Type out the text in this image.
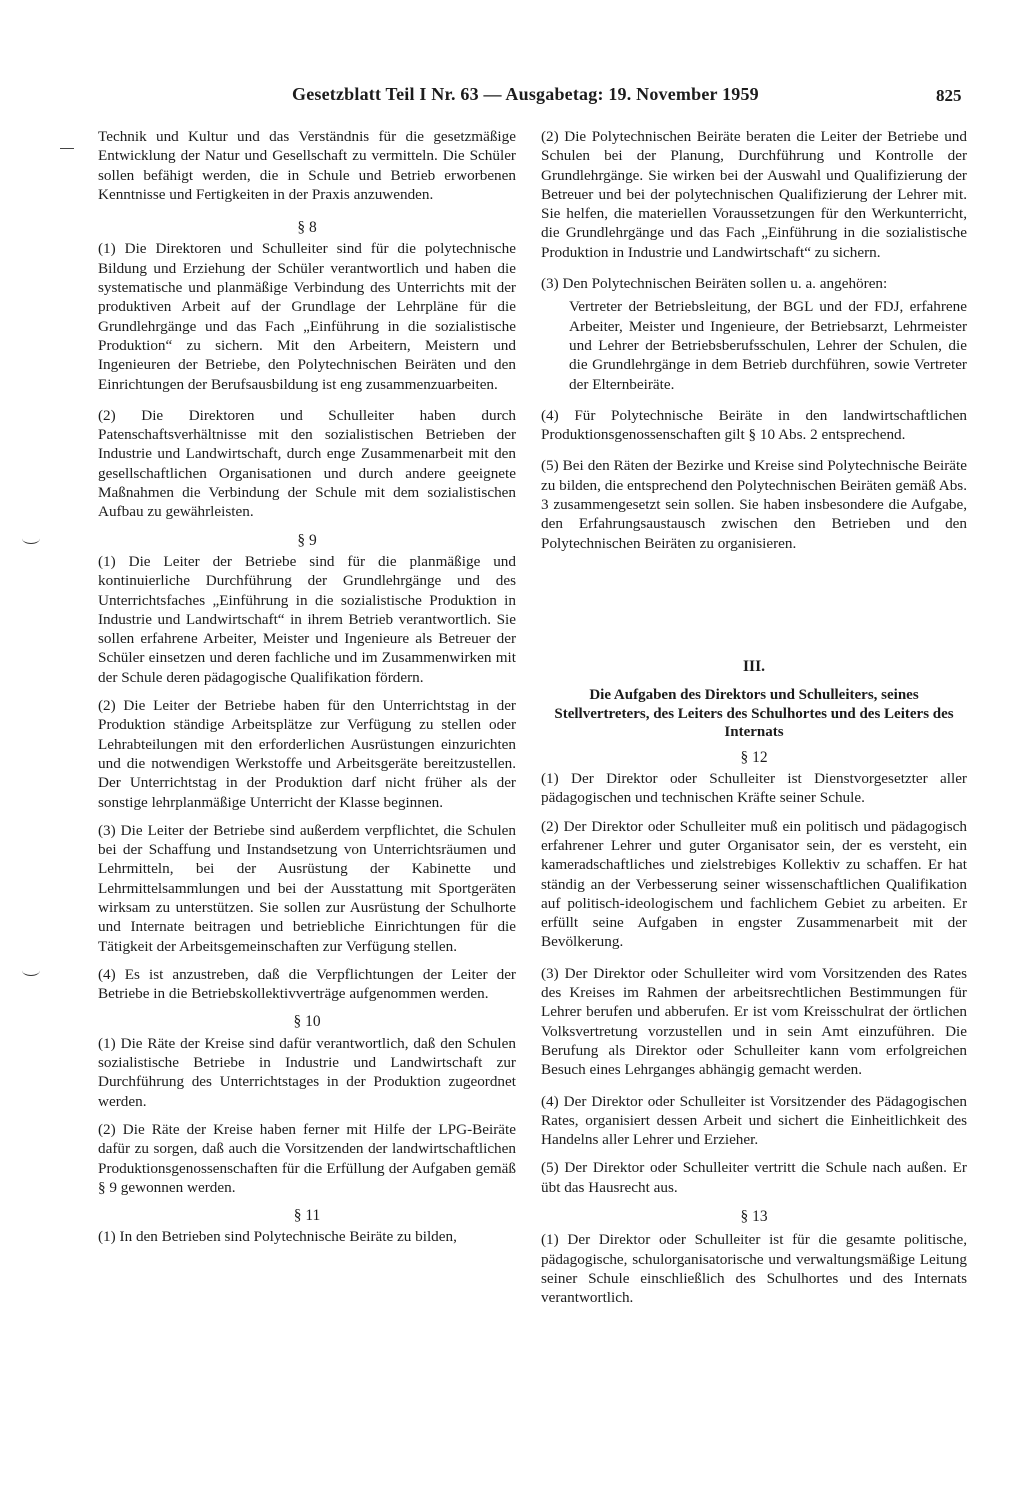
Gesetzblatt Teil I Nr. 63 — Ausgabetag: 19. November 1959	825

Technik und Kultur und das Verständnis für die gesetzmäßige Entwicklung der Natur und Gesellschaft zu vermitteln. Die Schüler sollen befähigt werden, die in Schule und Betrieb erworbenen Kenntnisse und Fertigkeiten in der Praxis anzuwenden.

§ 8

(1) Die Direktoren und Schulleiter sind für die polytechnische Bildung und Erziehung der Schüler verantwortlich und haben die systematische und planmäßige Verbindung des Unterrichts mit der produktiven Arbeit auf der Grundlage der Lehrpläne für die Grundlehrgänge und das Fach „Einführung in die sozialistische Produktion“ zu sichern. Mit den Arbeitern, Meistern und Ingenieuren der Betriebe, den Polytechnischen Beiräten und den Einrichtungen der Berufsausbildung ist eng zusammenzuarbeiten.

(2) Die Direktoren und Schulleiter haben durch Patenschaftsverhältnisse mit den sozialistischen Betrieben der Industrie und Landwirtschaft, durch enge Zusammenarbeit mit den gesellschaftlichen Organisationen und durch andere geeignete Maßnahmen die Verbindung der Schule mit dem sozialistischen Aufbau zu gewährleisten.

§ 9

(1) Die Leiter der Betriebe sind für die planmäßige und kontinuierliche Durchführung der Grundlehrgänge und des Unterrichtsfaches „Einführung in die sozialistische Produktion in Industrie und Landwirtschaft“ in ihrem Betrieb verantwortlich. Sie sollen erfahrene Arbeiter, Meister und Ingenieure als Betreuer der Schüler einsetzen und deren fachliche und im Zusammenwirken mit der Schule deren pädagogische Qualifikation fördern.

(2) Die Leiter der Betriebe haben für den Unterrichtstag in der Produktion ständige Arbeitsplätze zur Verfügung zu stellen oder Lehrabteilungen mit den erforderlichen Ausrüstungen einzurichten und die notwendigen Werkstoffe und Arbeitsgeräte bereitzustellen. Der Unterrichtstag in der Produktion darf nicht früher als der sonstige lehrplanmäßige Unterricht der Klasse beginnen.

(3) Die Leiter der Betriebe sind außerdem verpflichtet, die Schulen bei der Schaffung und Instandsetzung von Unterrichtsräumen und Lehrmitteln, bei der Ausrüstung der Kabinette und Lehrmittelsammlungen und bei der Ausstattung mit Sportgeräten wirksam zu unterstützen. Sie sollen zur Ausrüstung der Schulhorte und Internate beitragen und betriebliche Einrichtungen für die Tätigkeit der Arbeitsgemeinschaften zur Verfügung stellen.

(4) Es ist anzustreben, daß die Verpflichtungen der Leiter der Betriebe in die Betriebskollektivverträge aufgenommen werden.

§ 10

(1) Die Räte der Kreise sind dafür verantwortlich, daß den Schulen sozialistische Betriebe in Industrie und Landwirtschaft zur Durchführung des Unterrichtstages in der Produktion zugeordnet werden.

(2) Die Räte der Kreise haben ferner mit Hilfe der LPG-Beiräte dafür zu sorgen, daß auch die Vorsitzenden der landwirtschaftlichen Produktionsgenossenschaften für die Erfüllung der Aufgaben gemäß § 9 gewonnen werden.

§ 11

(1) In den Betrieben sind Polytechnische Beiräte zu bilden,

(2) Die Polytechnischen Beiräte beraten die Leiter der Betriebe und Schulen bei der Planung, Durchführung und Kontrolle der Grundlehrgänge. Sie wirken bei der Auswahl und Qualifizierung der Betreuer und bei der polytechnischen Qualifizierung der Lehrer mit. Sie helfen, die materiellen Voraussetzungen für den Werkunterricht, die Grundlehrgänge und das Fach „Einführung in die sozialistische Produktion in Industrie und Landwirtschaft“ zu sichern.

(3) Den Polytechnischen Beiräten sollen u. a. angehören:

Vertreter der Betriebsleitung, der BGL und der FDJ, erfahrene Arbeiter, Meister und Ingenieure, der Betriebsarzt, Lehrmeister und Lehrer der Betriebsberufsschulen, Lehrer der Schulen, die die Grundlehrgänge in dem Betrieb durchführen, sowie Vertreter der Elternbeiräte.

(4) Für Polytechnische Beiräte in den landwirtschaftlichen Produktionsgenossenschaften gilt § 10 Abs. 2 entsprechend.

(5) Bei den Räten der Bezirke und Kreise sind Polytechnische Beiräte zu bilden, die entsprechend den Polytechnischen Beiräten gemäß Abs. 3 zusammengesetzt sein sollen. Sie haben insbesondere die Aufgabe, den Erfahrungsaustausch zwischen den Betrieben und den Polytechnischen Beiräten zu organisieren.

III.
Die Aufgaben des Direktors und Schulleiters, seines Stellvertreters, des Leiters des Schulhortes und des Leiters des Internats
§ 12

(1) Der Direktor oder Schulleiter ist Dienstvorgesetzter aller pädagogischen und technischen Kräfte seiner Schule.

(2) Der Direktor oder Schulleiter muß ein politisch und pädagogisch erfahrener Lehrer und guter Organisator sein, der es versteht, ein kameradschaftliches und zielstrebiges Kollektiv zu schaffen. Er hat ständig an der Verbesserung seiner wissenschaftlichen Qualifikation auf politisch-ideologischem und fachlichem Gebiet zu arbeiten. Er erfüllt seine Aufgaben in engster Zusammenarbeit mit der Bevölkerung.

(3) Der Direktor oder Schulleiter wird vom Vorsitzenden des Rates des Kreises im Rahmen der arbeitsrechtlichen Bestimmungen für Lehrer berufen und abberufen. Er ist vom Kreisschulrat der örtlichen Volksvertretung vorzustellen und in sein Amt einzuführen. Die Berufung als Direktor oder Schulleiter kann vom erfolgreichen Besuch eines Lehrganges abhängig gemacht werden.

(4) Der Direktor oder Schulleiter ist Vorsitzender des Pädagogischen Rates, organisiert dessen Arbeit und sichert die Einheitlichkeit des Handelns aller Lehrer und Erzieher.

(5) Der Direktor oder Schulleiter vertritt die Schule nach außen. Er übt das Hausrecht aus.

§ 13

(1) Der Direktor oder Schulleiter ist für die gesamte politische, pädagogische, schulorganisatorische und verwaltungsmäßige Leitung seiner Schule einschließlich des Schulhortes und des Internats verantwortlich.
